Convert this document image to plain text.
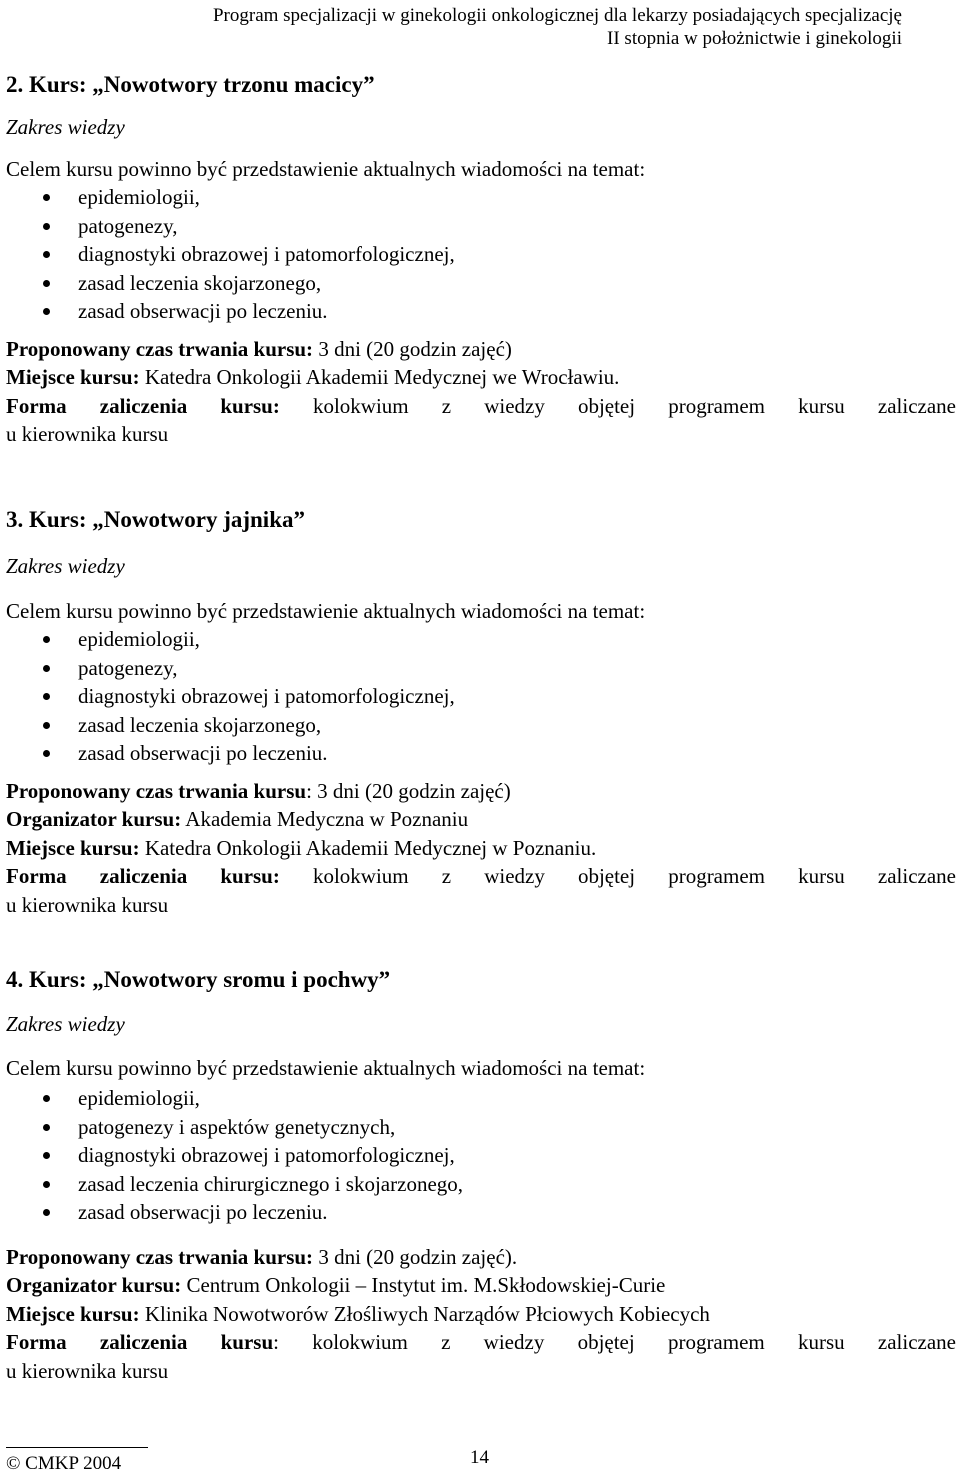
Program specjalizacji w ginekologii onkologicznej dla lekarzy posiadających specjalizację
II stopnia w położnictwie i ginekologii
2. Kurs: „Nowotwory trzonu macicy”

Zakres wiedzy

Celem kursu powinno być przedstawienie aktualnych wiadomości na temat:

epidemiologii,
patogenezy,
diagnostyki obrazowej i patomorfologicznej,
zasad leczenia skojarzonego,
zasad obserwacji po leczeniu.

Proponowany czas trwania kursu: 3 dni (20 godzin zajęć)

Miejsce kursu: Katedra Onkologii Akademii Medycznej we Wrocławiu.

Forma zaliczenia kursu: kolokwium z wiedzy objętej programem kursu zaliczane

u kierownika kursu

3. Kurs: „Nowotwory jajnika”

Zakres wiedzy

Celem kursu powinno być przedstawienie aktualnych wiadomości na temat:

epidemiologii,
patogenezy,
diagnostyki obrazowej i patomorfologicznej,
zasad leczenia skojarzonego,
zasad obserwacji po leczeniu.

Proponowany czas trwania kursu: 3 dni (20 godzin zajęć)

Organizator kursu: Akademia Medyczna w Poznaniu

Miejsce kursu: Katedra Onkologii Akademii Medycznej w Poznaniu.

Forma zaliczenia kursu: kolokwium z wiedzy objętej programem kursu zaliczane

u kierownika kursu

4. Kurs: „Nowotwory sromu i pochwy”

Zakres wiedzy

Celem kursu powinno być przedstawienie aktualnych wiadomości na temat:

epidemiologii,
patogenezy i aspektów genetycznych,
diagnostyki obrazowej i patomorfologicznej,
zasad leczenia chirurgicznego i skojarzonego,
zasad obserwacji po leczeniu.

Proponowany czas trwania kursu: 3 dni (20 godzin zajęć).

Organizator kursu: Centrum Onkologii – Instytut im. M.Skłodowskiej-Curie

Miejsce kursu: Klinika Nowotworów Złośliwych Narządów Płciowych Kobiecych

Forma zaliczenia kursu: kolokwium z wiedzy objętej programem kursu zaliczane

u kierownika kursu

© CMKP 2004	14
